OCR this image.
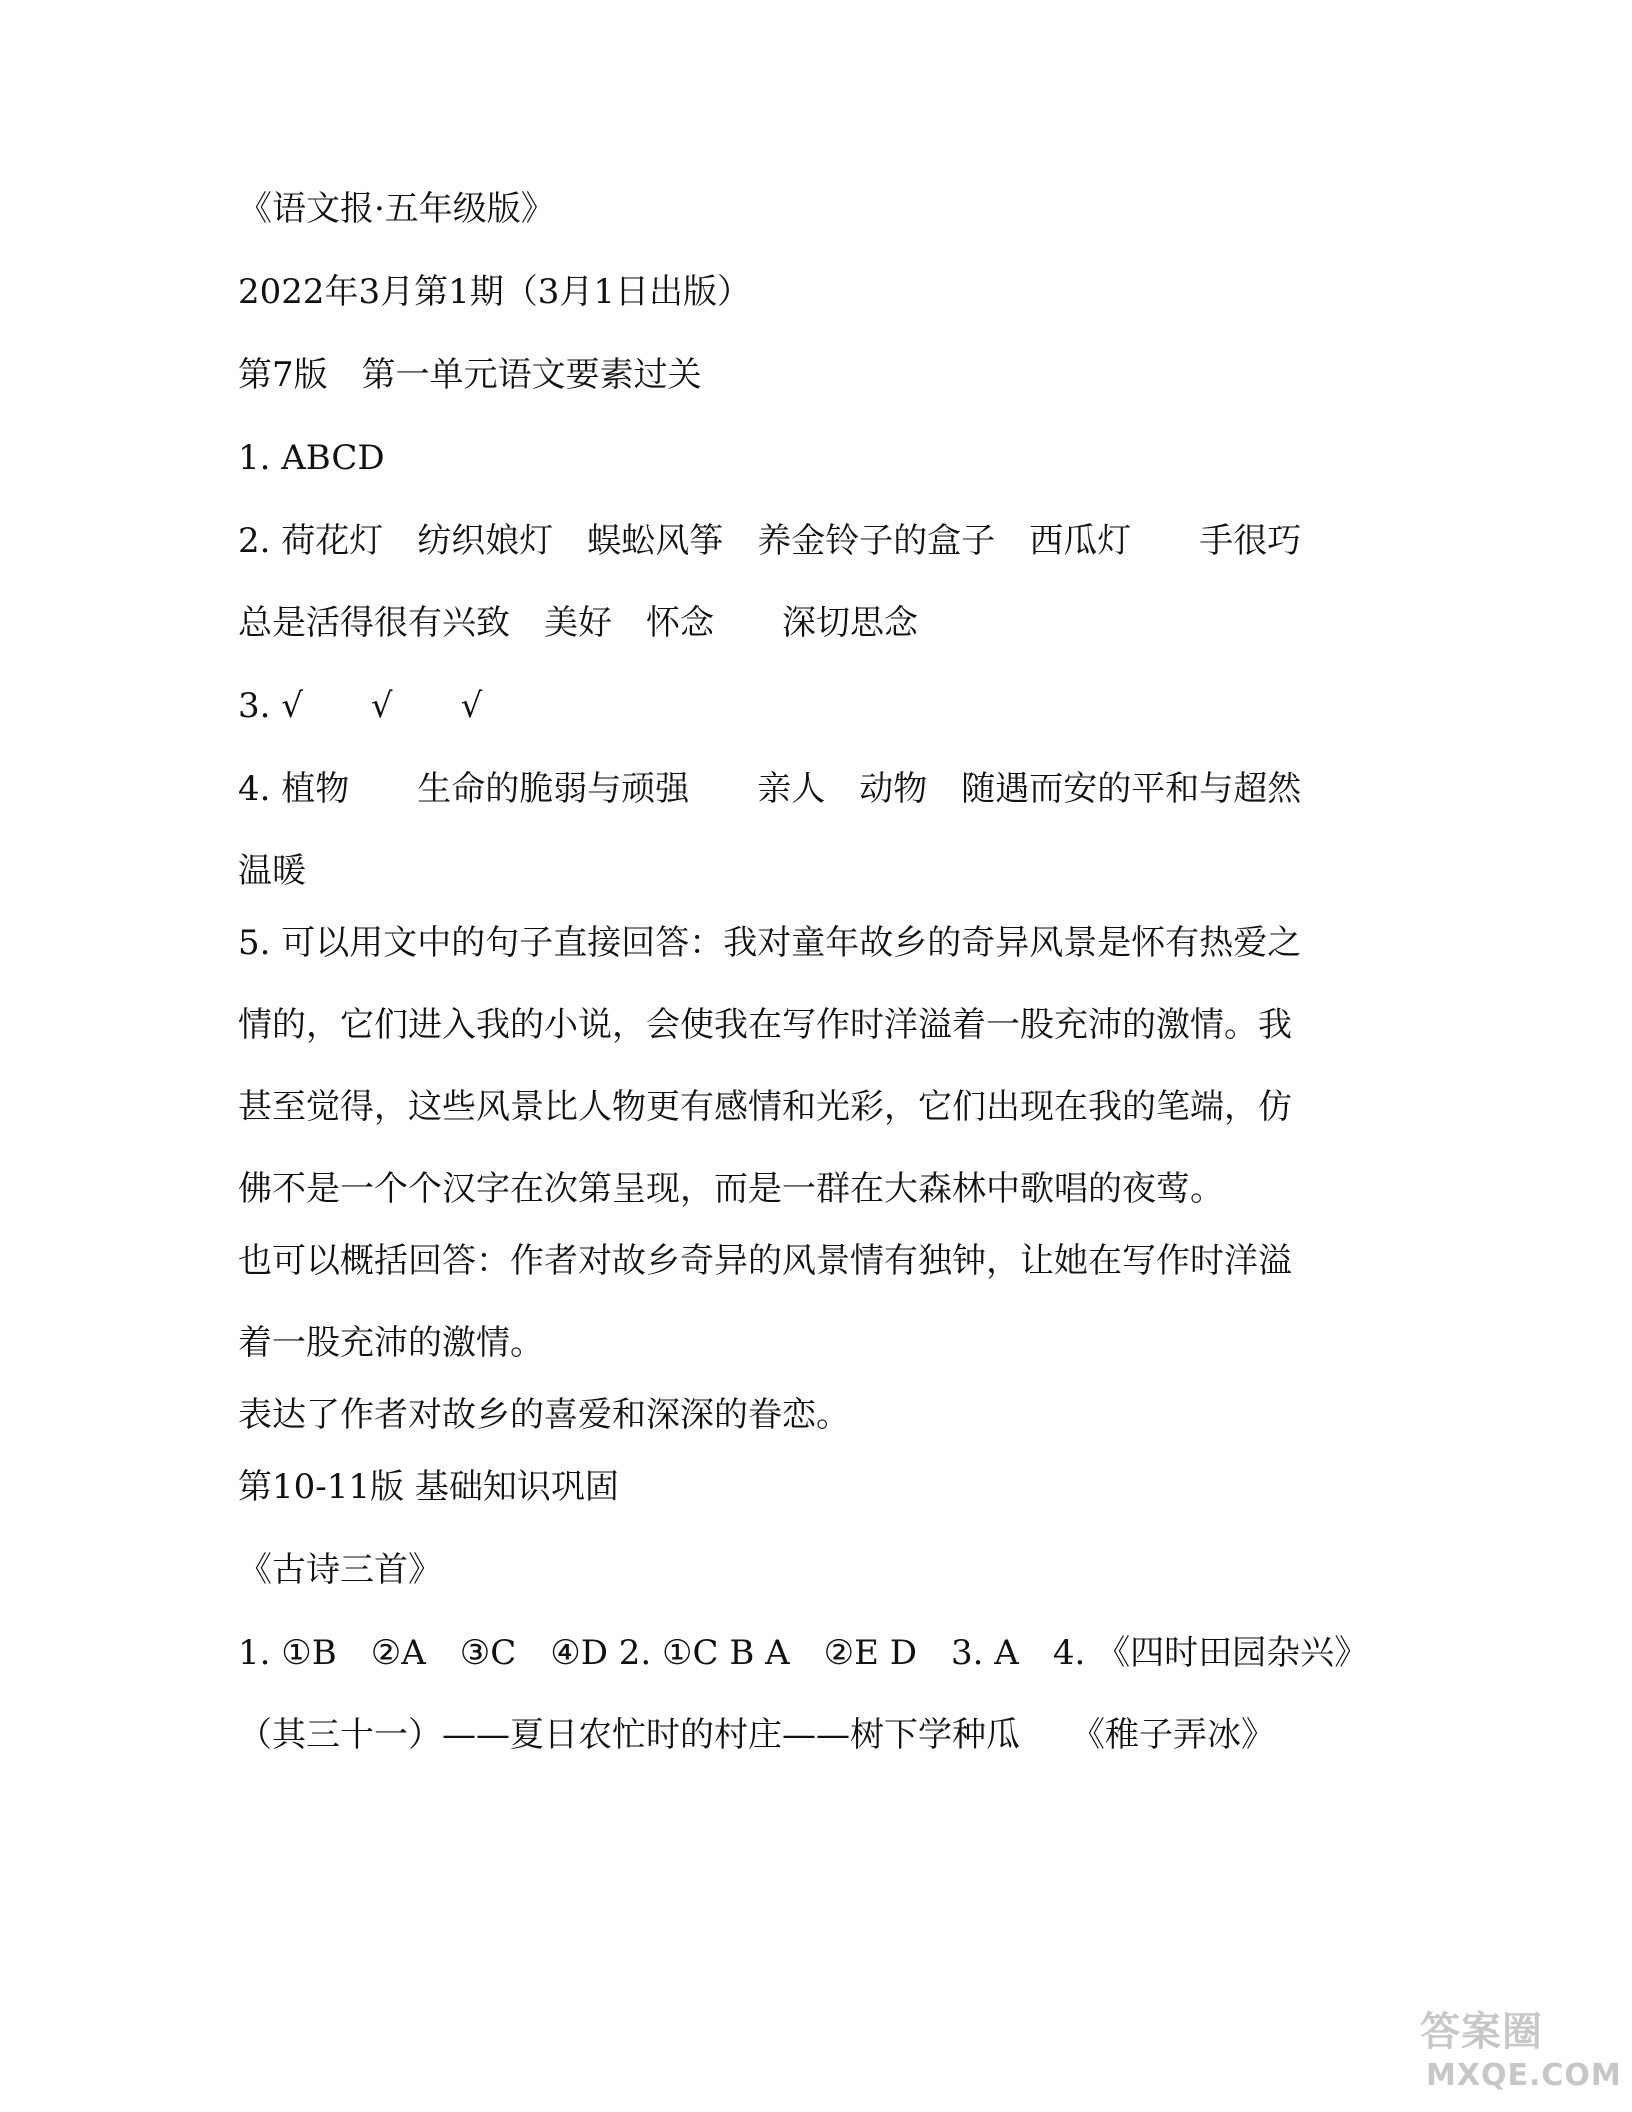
《语文报·五年级版》

2022年3月第1期（3月1日出版）

第7版　第一单元语文要素过关

1. ABCD

2. 荷花灯　纺织娘灯　蜈蚣风筝　养金铃子的盒子　西瓜灯　　手很巧

总是活得很有兴致　美好　怀念　　深切思念

3. √　　√　　√

4. 植物　　生命的脆弱与顽强　　亲人　动物　随遇而安的平和与超然

温暖

5. 可以用文中的句子直接回答：我对童年故乡的奇异风景是怀有热爱之

情的，它们进入我的小说，会使我在写作时洋溢着一股充沛的激情。我

甚至觉得，这些风景比人物更有感情和光彩，它们出现在我的笔端，仿

佛不是一个个汉字在次第呈现，而是一群在大森林中歌唱的夜莺。

也可以概括回答：作者对故乡奇异的风景情有独钟，让她在写作时洋溢

着一股充沛的激情。

表达了作者对故乡的喜爱和深深的眷恋。

第10-11版 基础知识巩固

《古诗三首》

1. ①B　②A　③C　④D 2. ①C B A　②E D　3. A　4. 《四时田园杂兴》

（其三十一）——夏日农忙时的村庄——树下学种瓜　　《稚子弄冰》

答案圈
MXQE.COM
